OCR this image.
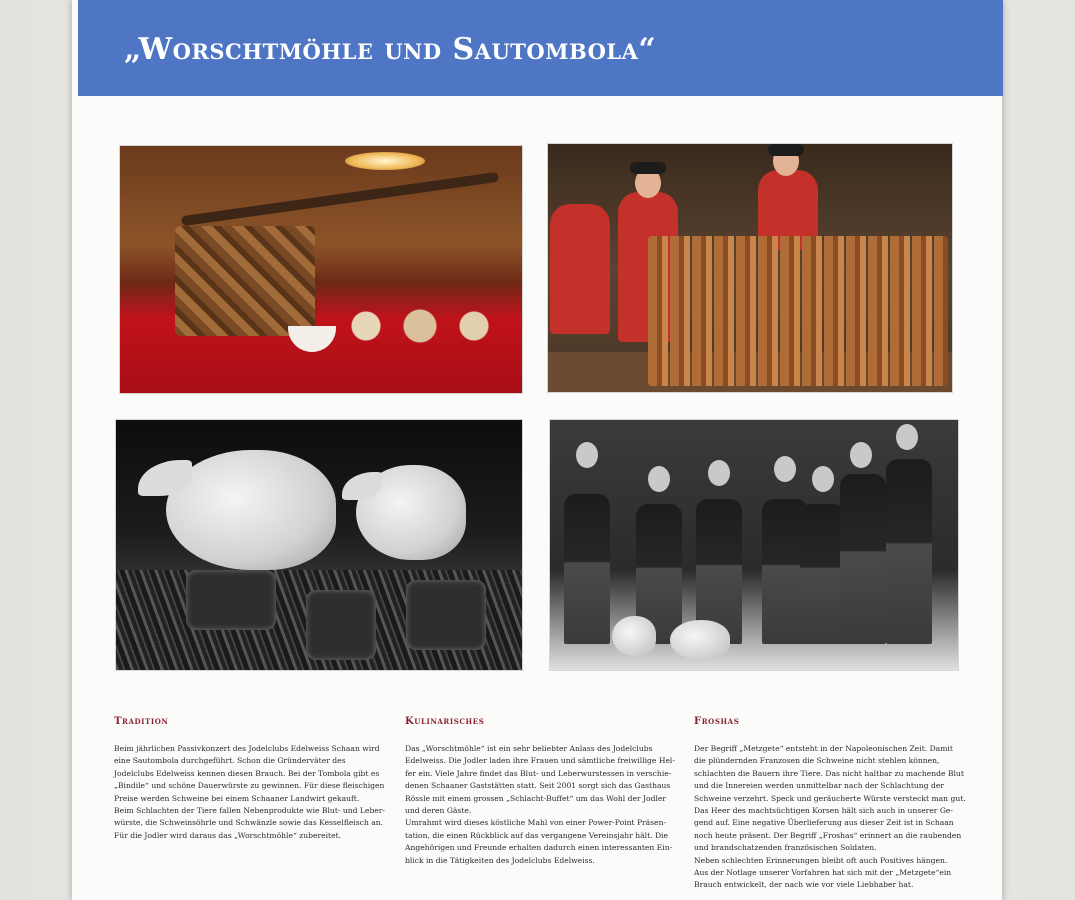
„Worschtmöhle und Sautombola“
Tradition

Beim jährlichen Passivkonzert des Jodelclubs Edelweiss Schaan wird
eine Sautombola durchgeführt. Schon die Gründerväter des
Jodelclubs Edelweiss kennen diesen Brauch. Bei der Tombola gibt es
„Bindile“ und schöne Dauerwürste zu gewinnen. Für diese fleischigen
Preise werden Schweine bei einem Schaaner Landwirt gekauft.
Beim Schlachten der Tiere fallen Nebenprodukte wie Blut- und Leber-
würste, die Schweinsöhrle und Schwänzle sowie das Kesselfleisch an.
Für die Jodler wird daraus das „Worschtmöhle“ zubereitet.

Kulinarisches

Das „Worschtmöhle“ ist ein sehr beliebter Anlass des Jodelclubs
Edelweiss. Die Jodler laden ihre Frauen und sämtliche freiwillige Hel-
fer ein. Viele Jahre findet das Blut- und Leberwurstessen in verschie-
denen Schaaner Gaststätten statt. Seit 2001 sorgt sich das Gasthaus
Rössle mit einem grossen „Schlacht-Buffet“ um das Wohl der Jodler
und deren Gäste.
Umrahmt wird dieses köstliche Mahl von einer Power-Point Präsen-
tation, die einen Rückblick auf das vergangene Vereinsjahr hält. Die
Angehörigen und Freunde erhalten dadurch einen interessanten Ein-
blick in die Tätigkeiten des Jodelclubs Edelweiss.

Froshas

Der Begriff „Metzgete“ entsteht in der Napoleonischen Zeit. Damit
die plündernden Franzosen die Schweine nicht stehlen können,
schlachten die Bauern ihre Tiere. Das nicht haltbar zu machende Blut
und die Innereien werden unmittelbar nach der Schlachtung der
Schweine verzehrt. Speck und geräucherte Würste versteckt man gut.
Das Heer des machtsüchtigen Korsen hält sich auch in unserer Ge-
gend auf. Eine negative Überlieferung aus dieser Zeit ist in Schaan
noch heute präsent. Der Begriff „Froshas“ erinnert an die raubenden
und brandschatzenden französischen Soldaten.
Neben schlechten Erinnerungen bleibt oft auch Positives hängen.
Aus der Notlage unserer Vorfahren hat sich mit der „Metzgete“ein
Brauch entwickelt, der nach wie vor viele Liebhaber hat.
